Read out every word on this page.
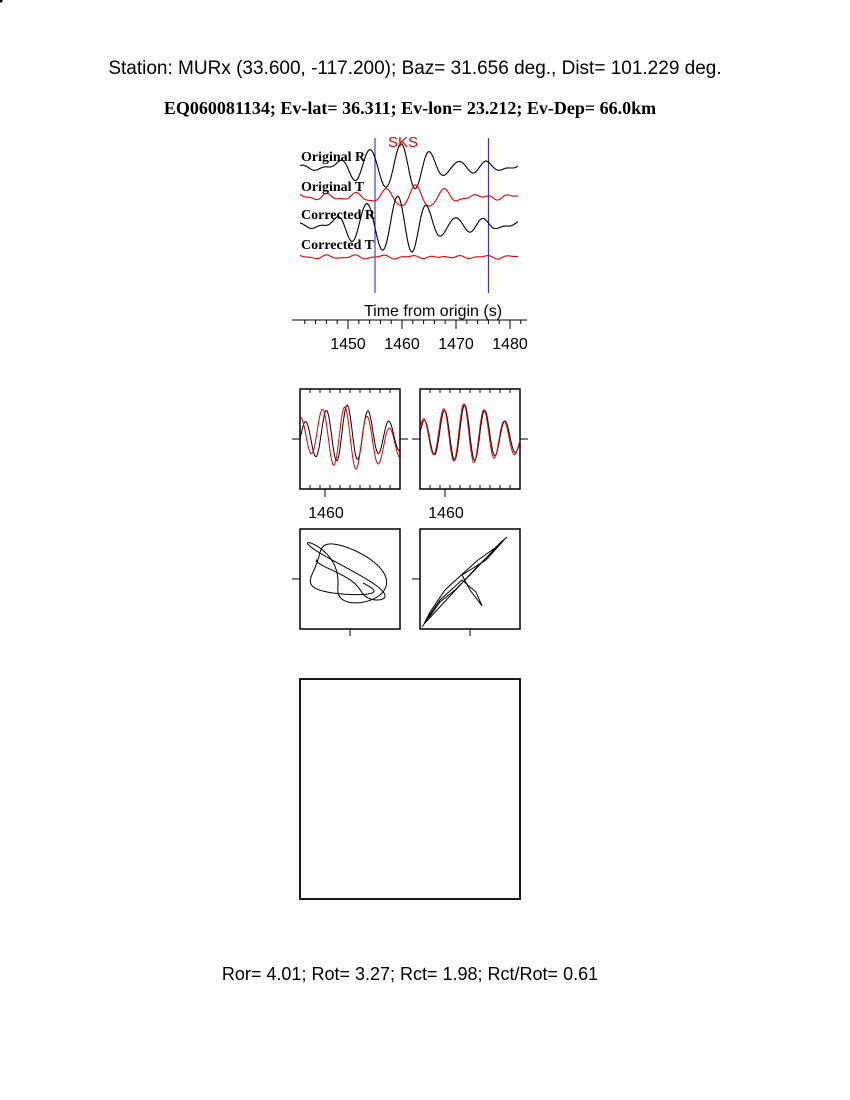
Station: MURx (33.600, -117.200); Baz= 31.656 deg., Dist= 101.229 deg.
EQ060081134; Ev-lat= 36.311; Ev-lon= 23.212; Ev-Dep= 66.0km
SKS
Original R
Original T
Corrected R
Corrected T
Time from origin (s)
1450 1460 1470 1480
1460	1460
Ror= 4.01; Rot= 3.27; Rct= 1.98; Rct/Rot= 0.61
